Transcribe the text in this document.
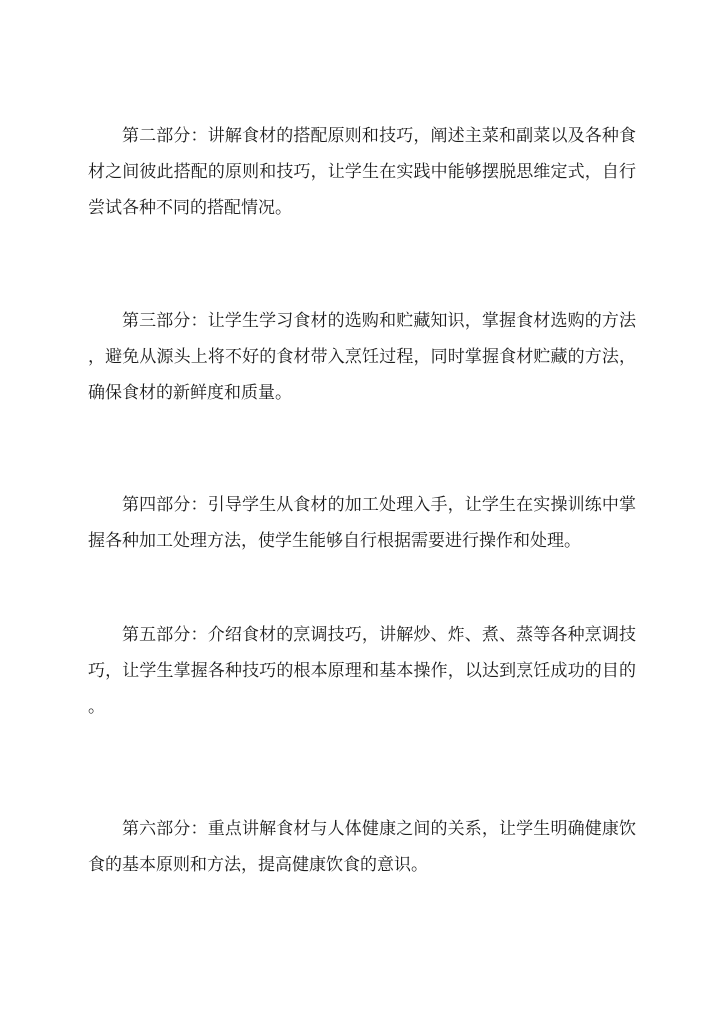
第二部分：讲解食材的搭配原则和技巧，阐述主菜和副菜以及各种食
材之间彼此搭配的原则和技巧，让学生在实践中能够摆脱思维定式，自行
尝试各种不同的搭配情况。

第三部分：让学生学习食材的选购和贮藏知识，掌握食材选购的方法
，避免从源头上将不好的食材带入烹饪过程，同时掌握食材贮藏的方法，
确保食材的新鲜度和质量。

第四部分：引导学生从食材的加工处理入手，让学生在实操训练中掌
握各种加工处理方法，使学生能够自行根据需要进行操作和处理。

第五部分：介绍食材的烹调技巧，讲解炒、炸、煮、蒸等各种烹调技
巧，让学生掌握各种技巧的根本原理和基本操作，以达到烹饪成功的目的
。

第六部分：重点讲解食材与人体健康之间的关系，让学生明确健康饮
食的基本原则和方法，提高健康饮食的意识。
